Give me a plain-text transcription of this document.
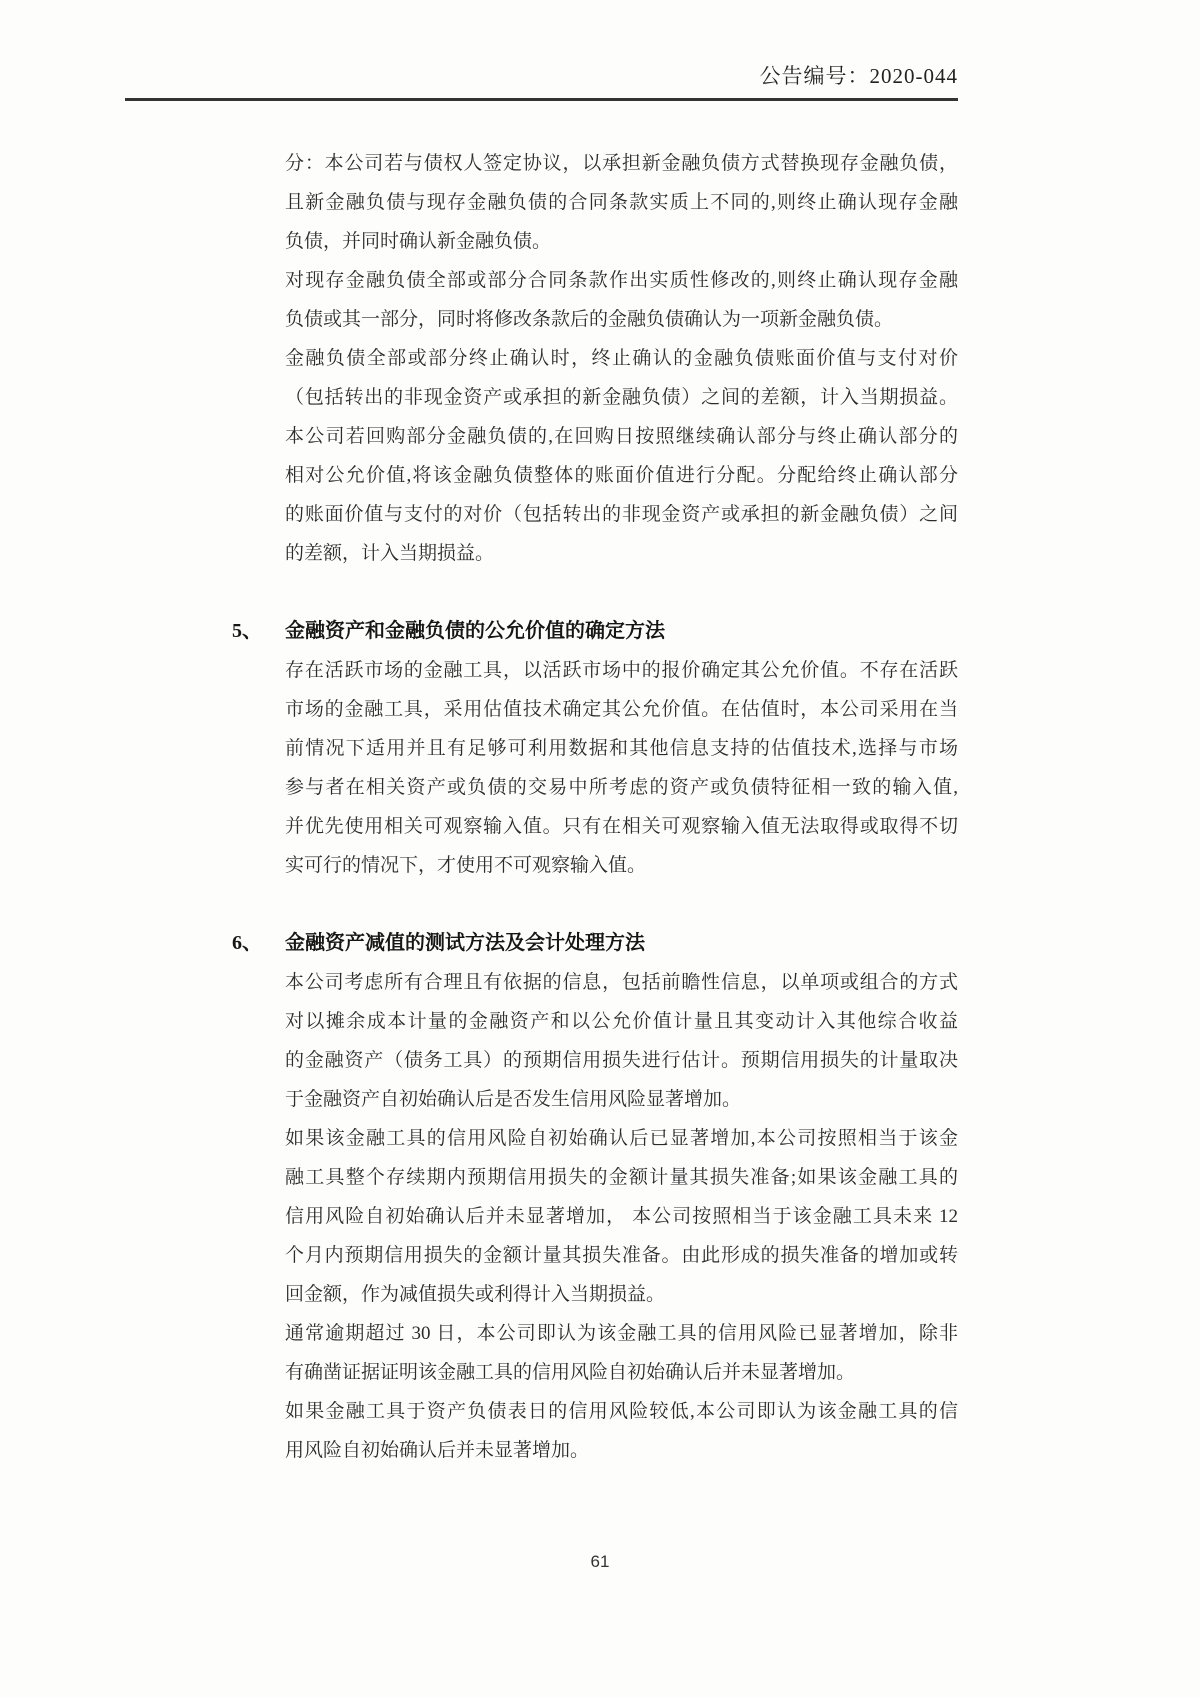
公告编号：2020-044
分：本公司若与债权人签定协议，以承担新金融负债方式替换现存金融负债，
且新金融负债与现存金融负债的合同条款实质上不同的,则终止确认现存金融
负债，并同时确认新金融负债。
对现存金融负债全部或部分合同条款作出实质性修改的,则终止确认现存金融
负债或其一部分，同时将修改条款后的金融负债确认为一项新金融负债。
金融负债全部或部分终止确认时，终止确认的金融负债账面价值与支付对价
（包括转出的非现金资产或承担的新金融负债）之间的差额，计入当期损益。
本公司若回购部分金融负债的,在回购日按照继续确认部分与终止确认部分的
相对公允价值,将该金融负债整体的账面价值进行分配。分配给终止确认部分
的账面价值与支付的对价（包括转出的非现金资产或承担的新金融负债）之间
的差额，计入当期损益。
5、 金融资产和金融负债的公允价值的确定方法
存在活跃市场的金融工具，以活跃市场中的报价确定其公允价值。不存在活跃
市场的金融工具，采用估值技术确定其公允价值。在估值时，本公司采用在当
前情况下适用并且有足够可利用数据和其他信息支持的估值技术,选择与市场
参与者在相关资产或负债的交易中所考虑的资产或负债特征相一致的输入值,
并优先使用相关可观察输入值。只有在相关可观察输入值无法取得或取得不切
实可行的情况下，才使用不可观察输入值。
6、 金融资产减值的测试方法及会计处理方法
本公司考虑所有合理且有依据的信息，包括前瞻性信息，以单项或组合的方式
对以摊余成本计量的金融资产和以公允价值计量且其变动计入其他综合收益
的金融资产（债务工具）的预期信用损失进行估计。预期信用损失的计量取决
于金融资产自初始确认后是否发生信用风险显著增加。
如果该金融工具的信用风险自初始确认后已显著增加,本公司按照相当于该金
融工具整个存续期内预期信用损失的金额计量其损失准备;如果该金融工具的
信用风险自初始确认后并未显著增加， 本公司按照相当于该金融工具未来 12
个月内预期信用损失的金额计量其损失准备。由此形成的损失准备的增加或转
回金额，作为减值损失或利得计入当期损益。
通常逾期超过 30 日，本公司即认为该金融工具的信用风险已显著增加，除非
有确凿证据证明该金融工具的信用风险自初始确认后并未显著增加。
如果金融工具于资产负债表日的信用风险较低,本公司即认为该金融工具的信
用风险自初始确认后并未显著增加。
61
